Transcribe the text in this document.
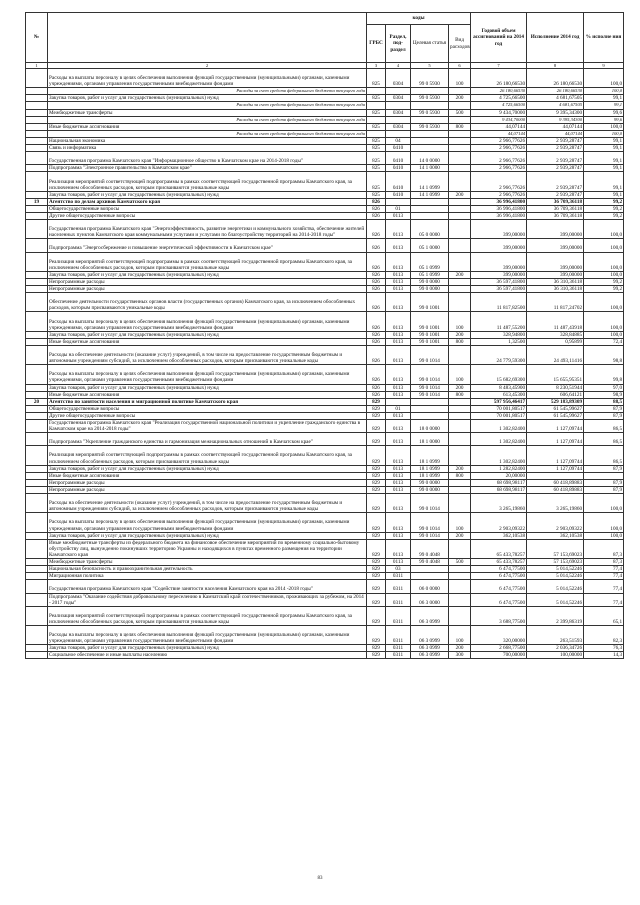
№		коды				Годовой объем ассигнований на 2014 год	Исполнение 2014 год	% исполне ния
		ГРБС	Раздел, под-раздел	Целевая статья	Вид расходов			
1	2	3	4	5	6	7	8	9
	Расходы на выплаты персоналу в целях обеспечения выполнения функций государственными (муниципальными) органами, казенными учреждениями, органами управления государственными внебюджетными фондами	825	0304	99 0 5930	100	26 180,66530	26 180,66530	100,0
	Расходы за счет средств федерального бюджета текущего года					26 180,66530	26 180,66530	100,0
	Закупка товаров, работ и услуг для государственных (муниципальных) нужд	825	0304	99 0 5930	200	4 725,66500	4 681,67505	99,1
	Расходы за счет средств федерального бюджета текущего года					4 725,66500	4 681,67505	99,1
	Межбюджетные трансферты	825	0304	99 0 5930	500	9 434,70000	9 395,34300	99,6
	Расходы за счет средств федерального бюджета текущего года					9 434,70000	9 395,34300	99,6
	Иные бюджетные ассигнования	825	0304	99 0 5930	800	44,07144	44,07144	100,0
	Расходы за счет средств федерального бюджета текущего года					44,07144	44,07144	100,0
	Национальная экономика	825	04			2 966,77626	2 939,28747	99,1
	Связь и информатика	825	0410			2 966,77626	2 939,28747	99,1
	Государственная программа Камчатского края "Информационное общество в Камчатском крае на 2014-2018 годы"	825	0410	14 0 0000		2 966,77626	2 939,28747	99,1
	Подпрограмма "Электронное правительство в Камчатском крае"	825	0410	14 1 0000		2 966,77626	2 939,28747	99,1
	Реализация мероприятий соответствующей подпрограммы в рамках соответствующей государственной программы Камчатского края, за исключением обособленных расходов, которым присваиваются уникальные коды	825	0410	14 1 0999		2 966,77626	2 939,28747	99,1
	Закупка товаров, работ и услуг для государственных (муниципальных) нужд	825	0410	14 1 0999	200	2 966,77626	2 939,28747	99,1
19	Агентство по делам архивов Камчатского края	826				36 996,41800	36 709,36118	99,2
	Общегосударственные вопросы	826	01			36 996,41800	36 709,36118	99,2
	Другие общегосударственные вопросы	826	0113			36 996,41800	36 709,36118	99,2
	Государственная программа Камчатского края "Энергоэффективность, развитие энергетики и коммунального хозяйства, обеспечение жителей населенных пунктов Камчатского края коммунальными услугами и услугами по благоустройству территорий на 2014-2018 годы"	826	0113	05 0 0000		399,00000	399,00000	100,0
	Подпрограмма "Энергосбережение и повышение энергетической эффективности в Камчатском крае"	826	0113	05 1 0000		399,00000	399,00000	100,0
	Реализация мероприятий соответствующей подпрограммы в рамках соответствующей государственной программы Камчатского края, за исключением обособленных расходов, которым присваиваются уникальные коды	826	0113	05 1 0999		399,00000	399,00000	100,0
	Закупка товаров, работ и услуг для государственных (муниципальных) нужд	826	0113	05 1 0999	200	399,00000	399,00000	100,0
	Непрограммные расходы	826	0113	99 0 0000		36 597,41800	36 310,36118	99,2
	Непрограммные расходы	826	0113	99 0 0000		36 597,41800	36 310,36118	99,2
	Обеспечение деятельности государственных органов власти (государственных органов) Камчатского края, за исключением обособленных расходов, которым присваиваются уникальные коды	826	0113	99 0 1001		11 817,82500	11 817,24702	100,0
	Расходы на выплаты персоналу в целях обеспечения выполнения функций государственными (муниципальными) органами, казенными учреждениями, органами управления государственными внебюджетными фондами	826	0113	99 0 1001	100	11 487,55200	11 487,43918	100,0
	Закупка товаров, работ и услуг для государственных (муниципальных) нужд	826	0113	99 0 1001	200	328,94800	328,84885	100,0
	Иные бюджетные ассигнования	826	0113	99 0 1001	800	1,32500	0,95899	72,4
	Расходы на обеспечение деятельности (оказание услуг) учреждений, в том числе на предоставление государственным бюджетным и автономным учреждениям субсидий, за исключением обособленных расходов, которым присваиваются уникальные коды	826	0113	99 0 1014		24 779,59300	24 493,11416	98,8
	Расходы на выплаты персоналу в целях обеспечения выполнения функций государственными (муниципальными) органами, казенными учреждениями, органами управления государственными внебюджетными фондами	826	0113	99 0 1014	100	15 682,69300	15 655,95351	99,8
	Закупка товаров, работ и услуг для государственных (муниципальных) нужд	826	0113	99 0 1014	200	8 483,45900	8 230,51944	97,0
	Иные бюджетные ассигнования	826	0113	99 0 1014	800	613,45300	606,64121	98,9
20	Агентство по занятости населения и миграционной политике Камчатского края	829				597 956,46417	529 183,89309	88,5
	Общегосударственные вопросы	829	01			70 001,80517	61 545,99627	87,9
	Другие общегосударственные вопросы	829	0113			70 001,80517	61 545,99627	87,9
	Государственная программа Камчатского края "Реализация государственной национальной политики и укрепление гражданского единства в Камчатском крае на 2014-2018 годы"	829	0113	18 0 0000		1 302,82400	1 127,09744	86,5
	Подпрограмма "Укрепление гражданского единства и гармонизация межнациональных отношений в Камчатском крае"	829	0113	18 1 0000		1 302,82400	1 127,09744	86,5
	Реализация мероприятий соответствующей подпрограммы в рамках соответствующей государственной программы Камчатского края, за исключением обособленных расходов, которым присваиваются уникальные коды	829	0113	18 1 0999		1 302,82400	1 127,09744	86,5
	Закупка товаров, работ и услуг для государственных (муниципальных) нужд	829	0113	18 1 0999	200	1 282,82400	1 127,09744	87,9
	Иные бюджетные ассигнования	829	0113	18 1 0999	800	20,00000		
	Непрограммные расходы	829	0113	99 0 0000		68 698,98117	60 418,89883	87,9
	Непрограммные расходы	829	0113	99 0 0000		68 698,98117	60 418,89883	87,9
	Расходы на обеспечение деятельности (оказание услуг) учреждений, в том числе на предоставление государственным бюджетным и автономным учреждениям субсидий, за исключением обособленных расходов, которым присваиваются уникальные коды	829	0113	99 0 1014		3 265,19860	3 265,19860	100,0
	Расходы на выплаты персоналу в целях обеспечения выполнения функций государственными (муниципальными) органами, казенными учреждениями, органами управления государственными внебюджетными фондами	829	0113	99 0 1014	100	2 903,09322	2 903,09322	100,0
	Закупка товаров, работ и услуг для государственных (муниципальных) нужд	829	0113	99 0 1014	200	362,10538	362,10538	100,0
	Иные межбюджетные трансферты из федерального бюджета на финансовое обеспечение мероприятий по временному социально-бытовому обустройству лиц, вынужденно покинувших территорию Украины и находящихся в пунктах временного размещения на территории Камчатского края	829	0113	99 0 4048		65 433,78257	57 153,69023	87,3
	Межбюджетные трансферты	829	0113	99 0 4048	500	65 433,78257	57 153,69023	87,3
	Национальная безопасность и правоохранительная деятельность	829	03			6 474,77500	5 014,52246	77,4
	Миграционная политика	829	0311			6 474,77500	5 014,52246	77,4
	Государственная программа Камчатского края "Содействие занятости населения Камчатского края на 2014 -2018 годы"	829	0311	06 0 0000		6 474,77500	5 014,52246	77,4
	Подпрограмма "Оказание содействия добровольному переселению в Камчатский край соотечественников, проживающих за рубежом, на 2014 - 2017 годы"	829	0311	06 3 0000		6 474,77500	5 014,52246	77,4
	Реализация мероприятий соответствующей подпрограммы в рамках соответствующей государственной программы Камчатского края, за исключением обособленных расходов, которым присваиваются уникальные коды	829	0311	06 3 0999		3 688,77500	2 399,86319	65,1
	Расходы на выплаты персоналу в целях обеспечения выполнения функций государственными (муниципальными) органами, казенными учреждениями, органами управления государственными внебюджетными фондами	829	0311	06 3 0999	100	320,00000	263,51593	82,3
	Закупка товаров, работ и услуг для государственных (муниципальных) нужд	829	0311	06 3 0999	200	2 668,77500	2 036,34726	76,3
	Социальное обеспечение и иные выплаты населению	829	0311	06 3 0999	300	700,00000	100,00000	14,3
83
